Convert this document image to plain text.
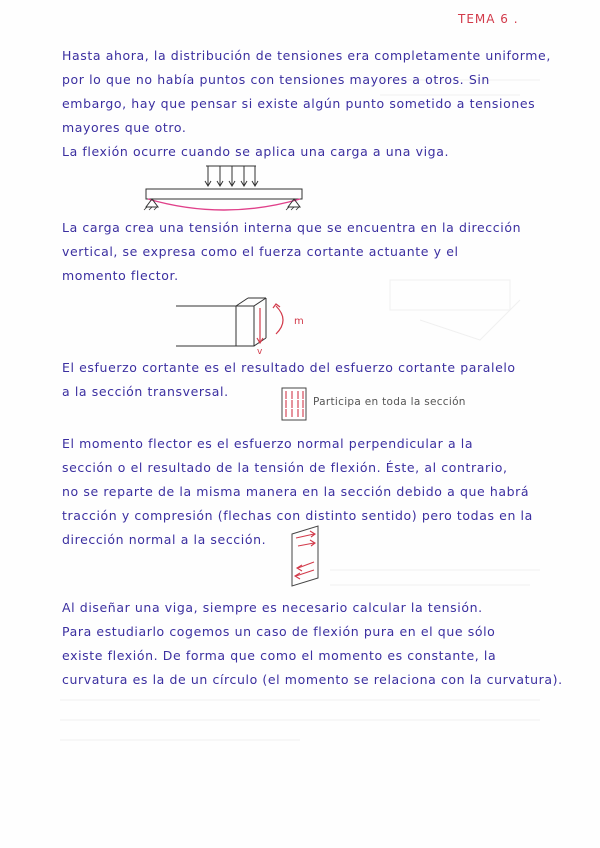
TEMA 6 .
Hasta ahora, la distribución de tensiones era completamente uniforme,
por lo que no había puntos con tensiones mayores a otros. Sin
embargo, hay que pensar si existe algún punto sometido a tensiones
mayores que otro.
La flexión ocurre cuando se aplica una carga a una viga.
La carga crea una tensión interna que se encuentra en la dirección
vertical, se expresa como el fuerza cortante actuante y el
momento flector.
m
v
El esfuerzo cortante es el resultado del esfuerzo cortante paralelo
a la sección transversal.
Participa en toda la sección
El momento flector es el esfuerzo normal perpendicular a la
sección o el resultado de la tensión de flexión. Éste, al contrario,
no se reparte de la misma manera en la sección debido a que habrá
tracción y compresión (flechas con distinto sentido) pero todas en la
dirección normal a la sección.
Al diseñar una viga, siempre es necesario calcular la tensión.
Para estudiarlo cogemos un caso de flexión pura en el que sólo
existe flexión. De forma que como el momento es constante, la
curvatura es la de un círculo (el momento se relaciona con la curvatura).
